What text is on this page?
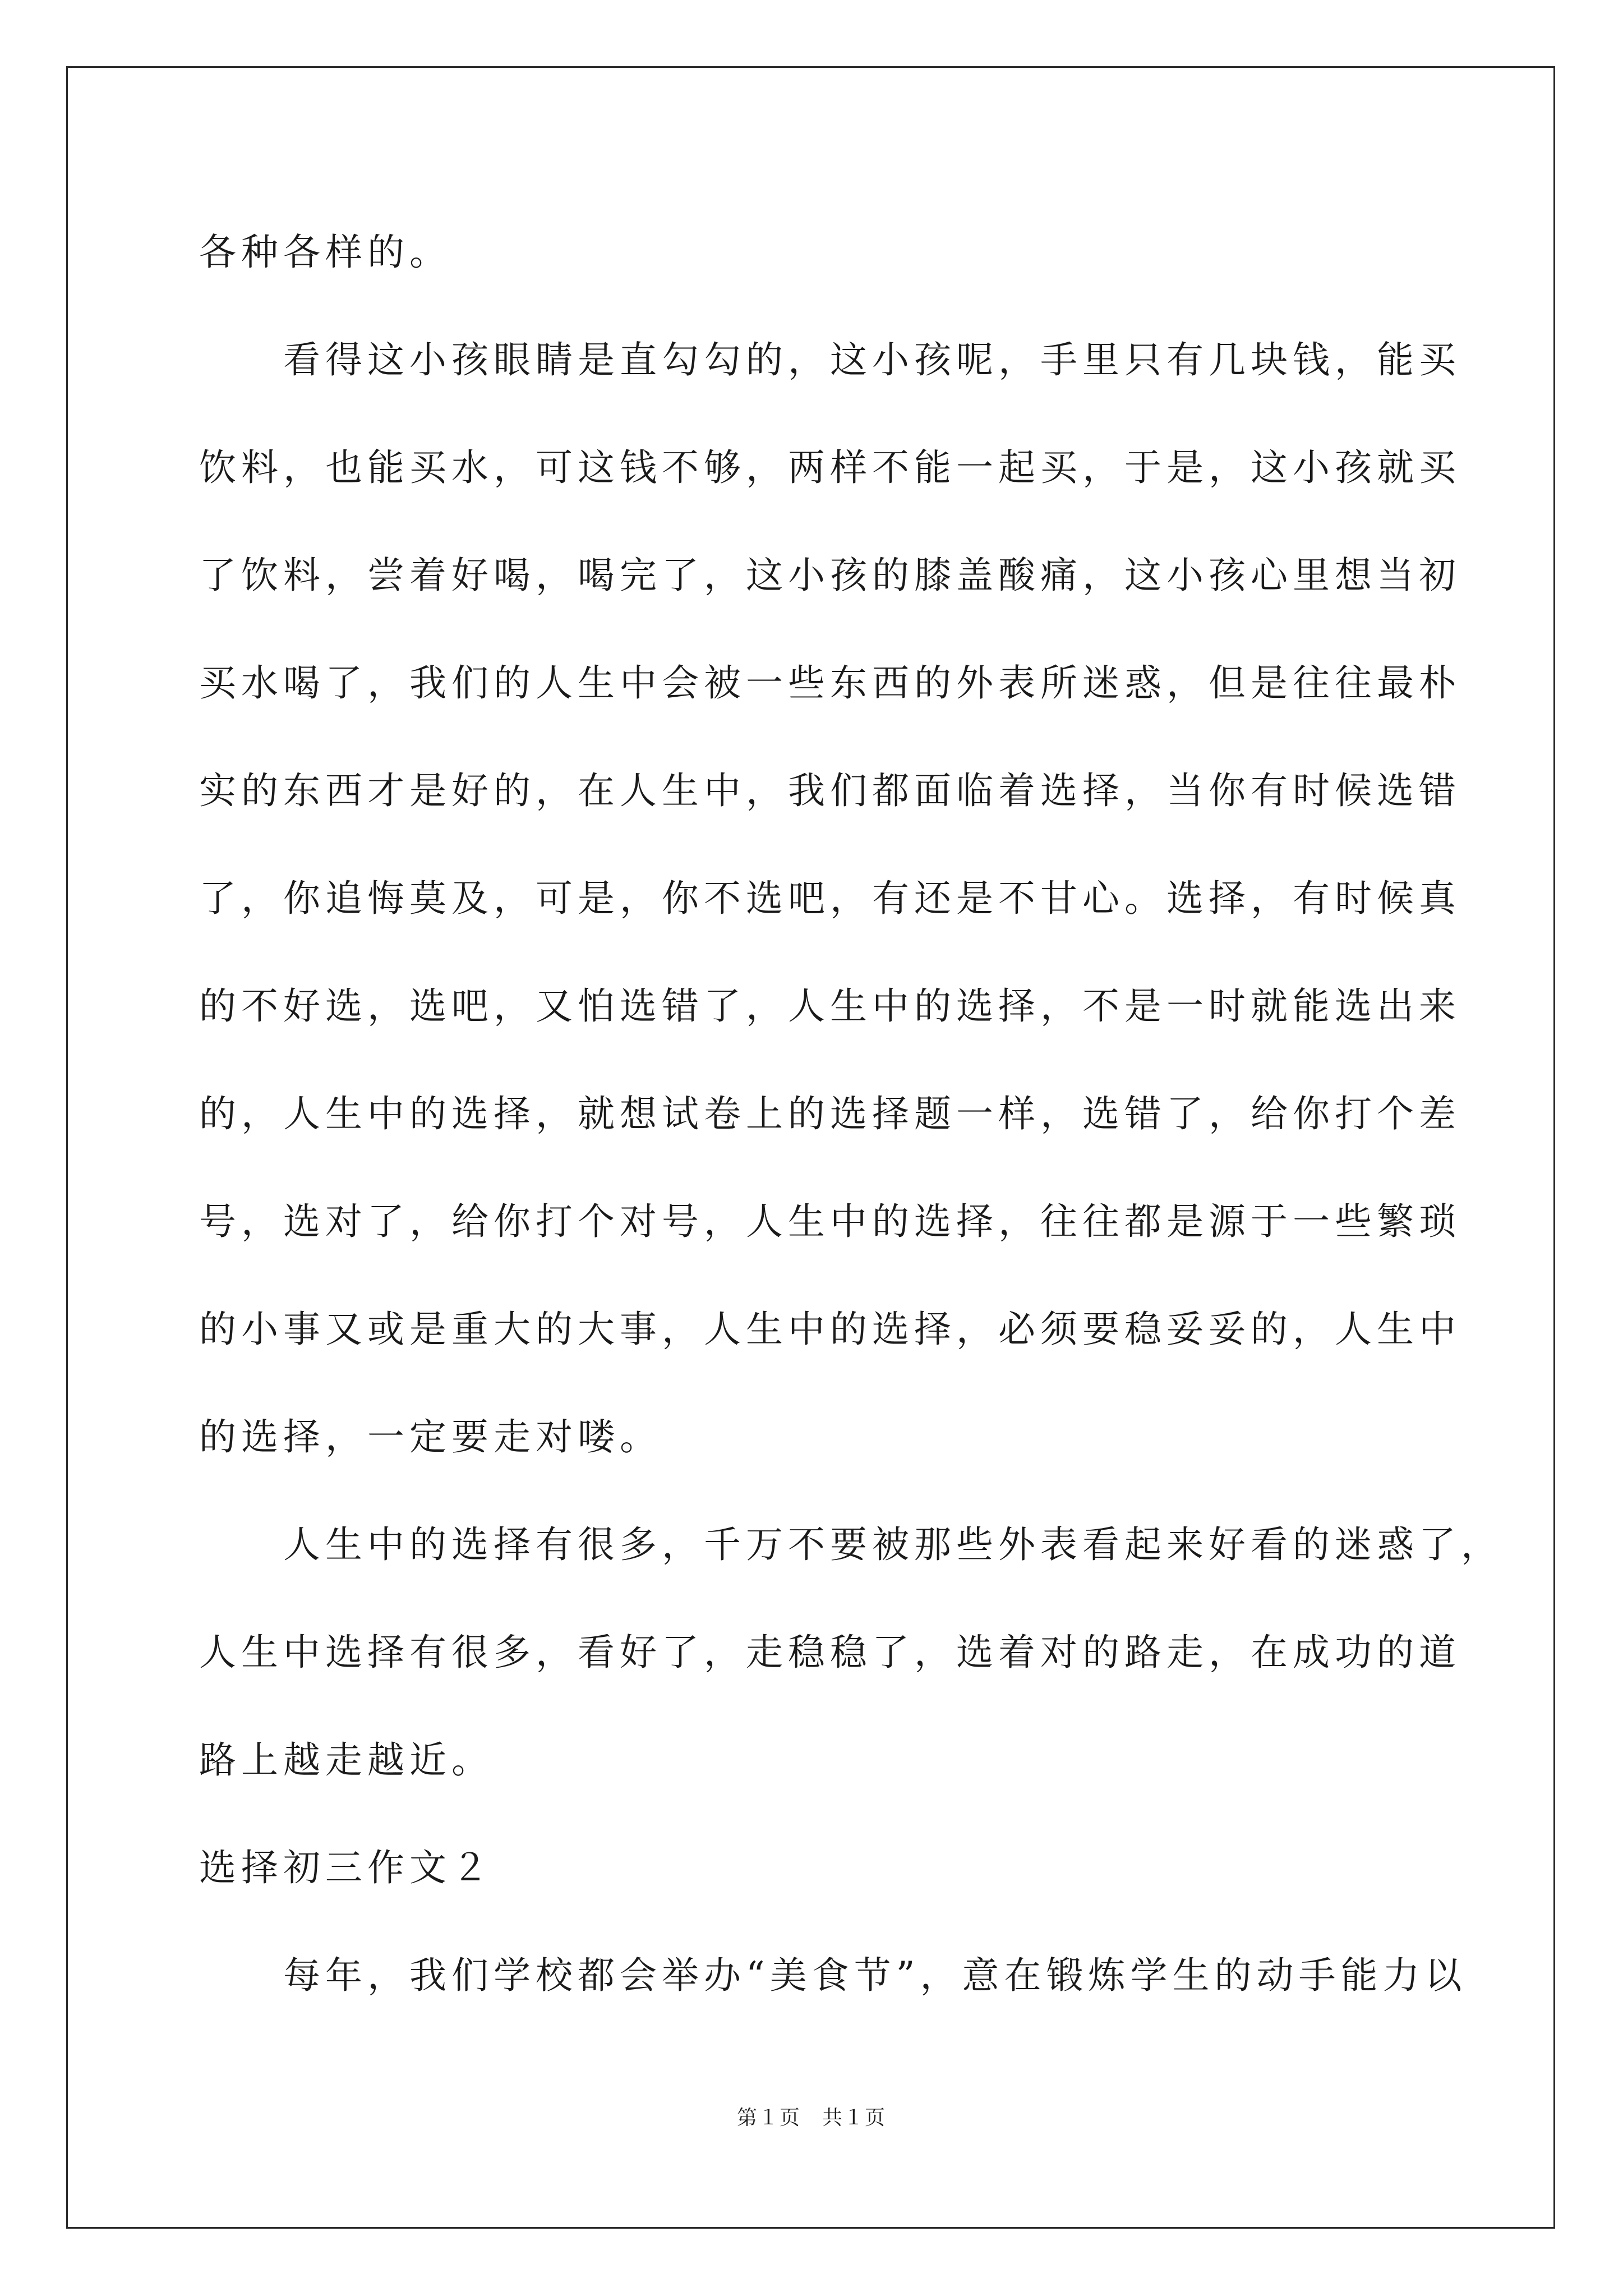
各种各样的。
看得这小孩眼睛是直勾勾的，这小孩呢，手里只有几块钱，能买
饮料，也能买水，可这钱不够，两样不能一起买，于是，这小孩就买
了饮料，尝着好喝，喝完了，这小孩的膝盖酸痛，这小孩心里想当初
买水喝了，我们的人生中会被一些东西的外表所迷惑，但是往往最朴
实的东西才是好的，在人生中，我们都面临着选择，当你有时候选错
了，你追悔莫及，可是，你不选吧，有还是不甘心。选择，有时候真
的不好选，选吧，又怕选错了，人生中的选择，不是一时就能选出来
的，人生中的选择，就想试卷上的选择题一样，选错了，给你打个差
号，选对了，给你打个对号，人生中的选择，往往都是源于一些繁琐
的小事又或是重大的大事，人生中的选择，必须要稳妥妥的，人生中
的选择，一定要走对喽。
人生中的选择有很多，千万不要被那些外表看起来好看的迷惑了，
人生中选择有很多，看好了，走稳稳了，选着对的路走，在成功的道
路上越走越近。
选择初三作文２
每年，我们学校都会举办“美食节”，意在锻炼学生的动手能力以
第１页　共１页
